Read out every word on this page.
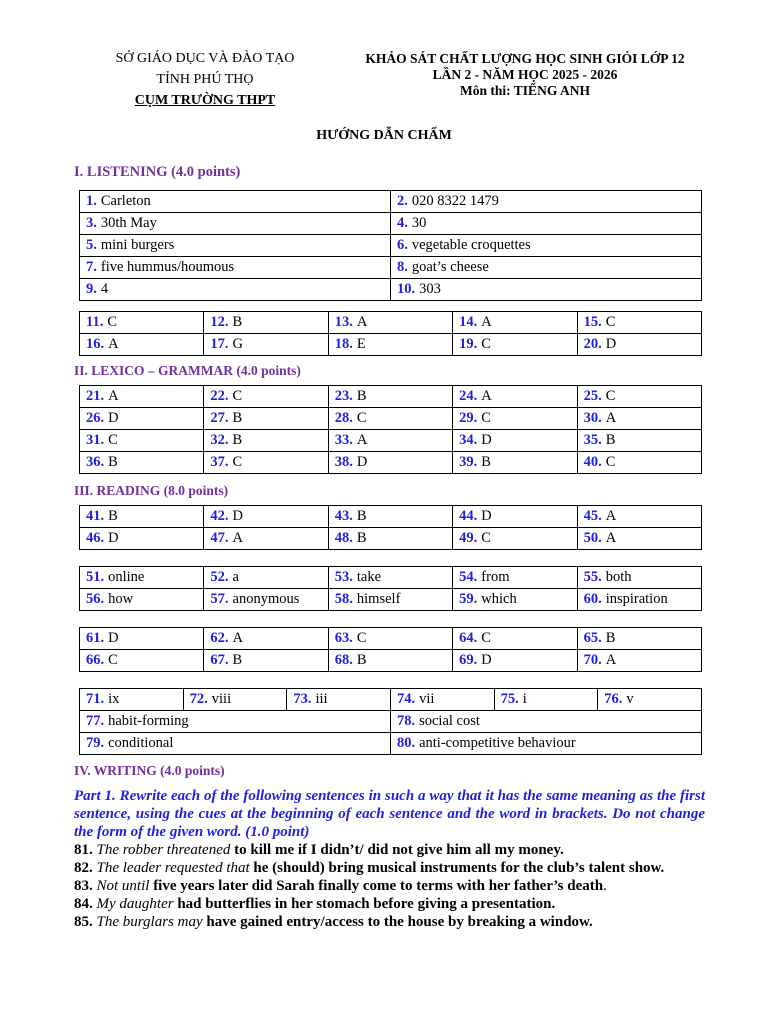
SỞ GIÁO DỤC VÀ ĐÀO TẠO
TỈNH PHÚ THỌ
CỤM TRƯỜNG THPT
KHẢO SÁT CHẤT LƯỢNG HỌC SINH GIỎI LỚP 12
LẦN 2 - NĂM HỌC 2025 - 2026
Môn thi: TIẾNG ANH
HƯỚNG DẪN CHẤM
I. LISTENING (4.0 points)
1. Carleton	2. 020 8322 1479
3. 30th May	4. 30
5. mini burgers	6. vegetable croquettes
7. five hummus/houmous	8. goat’s cheese
9. 4	10. 303
11. C	12. B	13. A	14. A	15. C
16. A	17. G	18. E	19. C	20. D
II. LEXICO – GRAMMAR (4.0 points)
21. A	22. C	23. B	24. A	25. C
26. D	27. B	28. C	29. C	30. A
31. C	32. B	33. A	34. D	35. B
36. B	37. C	38. D	39. B	40. C
III. READING (8.0 points)
41. B	42. D	43. B	44. D	45. A
46. D	47. A	48. B	49. C	50. A
51. online	52. a	53. take	54. from	55. both
56. how	57. anonymous	58. himself	59. which	60. inspiration
61. D	62. A	63. C	64. C	65. B
66. C	67. B	68. B	69. D	70. A
71. ix	72. viii	73. iii	74. vii	75. i	76. v
77. habit-forming			78. social cost		
79. conditional			80. anti-competitive behaviour		
IV. WRITING (4.0 points)
Part 1. Rewrite each of the following sentences in such a way that it has the same meaning as the first sentence, using the cues at the beginning of each sentence and the word in brackets. Do not change the form of the given word. (1.0 point)
81. The robber threatened to kill me if I didn’t/ did not give him all my money.
82. The leader requested that he (should) bring musical instruments for the club’s talent show.
83. Not until five years later did Sarah finally come to terms with her father’s death.
84. My daughter had butterflies in her stomach before giving a presentation.
85. The burglars may have gained entry/access to the house by breaking a window.
